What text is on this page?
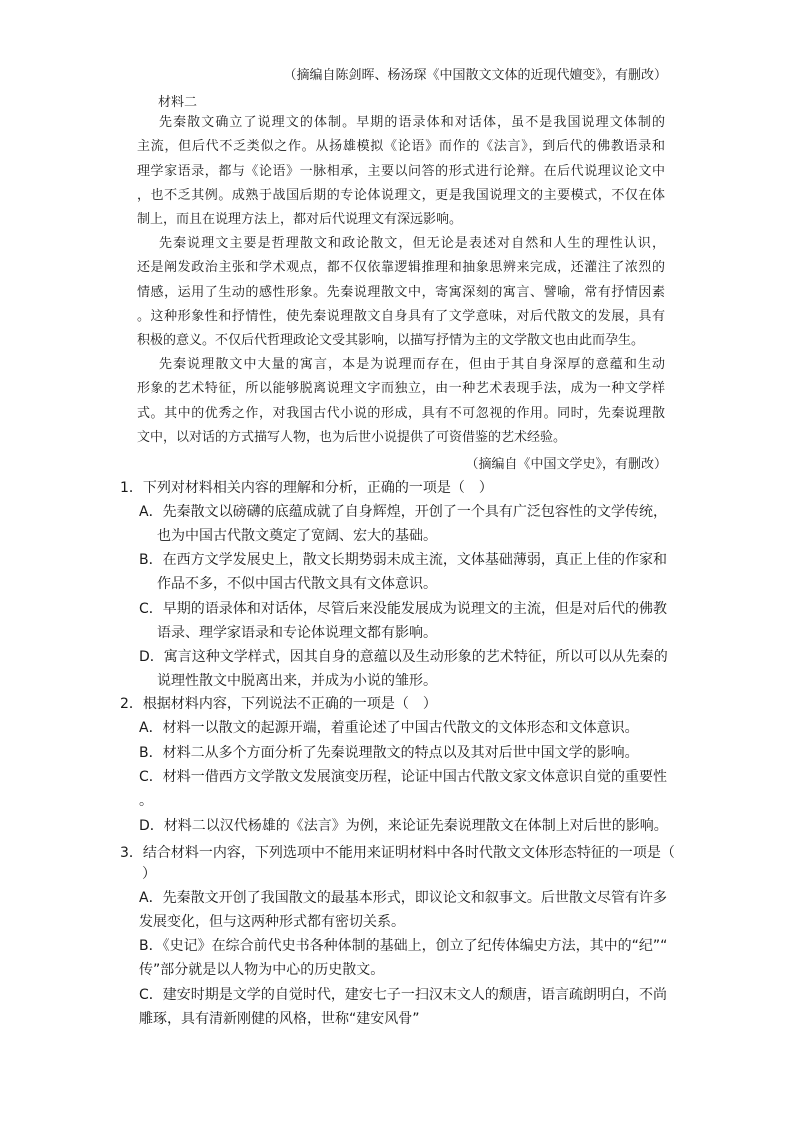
（摘编自陈剑晖、杨汤琛《中国散文文体的近现代嬗变》，有删改）
材料二
先秦散文确立了说理文的体制。早期的语录体和对话体，虽不是我国说理文体制的
主流，但后代不乏类似之作。从扬雄模拟《论语》而作的《法言》，到后代的佛教语录和
理学家语录，都与《论语》一脉相承，主要以问答的形式进行论辩。在后代说理议论文中
，也不乏其例。成熟于战国后期的专论体说理文，更是我国说理文的主要模式，不仅在体
制上，而且在说理方法上，都对后代说理文有深远影响。
先秦说理文主要是哲理散文和政论散文，但无论是表述对自然和人生的理性认识，
还是阐发政治主张和学术观点，都不仅依靠逻辑推理和抽象思辨来完成，还灌注了浓烈的
情感，运用了生动的感性形象。先秦说理散文中，寄寓深刻的寓言、譬喻，常有抒情因素
。这种形象性和抒情性，使先秦说理散文自身具有了文学意味，对后代散文的发展，具有
积极的意义。不仅后代哲理政论文受其影响，以描写抒情为主的文学散文也由此而孕生。
先秦说理散文中大量的寓言，本是为说理而存在，但由于其自身深厚的意蕴和生动
形象的艺术特征，所以能够脱离说理文字而独立，由一种艺术表现手法，成为一种文学样
式。其中的优秀之作，对我国古代小说的形成，具有不可忽视的作用。同时，先秦说理散
文中，以对话的方式描写人物，也为后世小说提供了可资借鉴的艺术经验。
（摘编自《中国文学史》，有删改）
1．下列对材料相关内容的理解和分析，正确的一项是（　）
A．先秦散文以磅礴的底蕴成就了自身辉煌，开创了一个具有广泛包容性的文学传统，
也为中国古代散文奠定了宽阔、宏大的基础。
B．在西方文学发展史上，散文长期势弱未成主流，文体基础薄弱，真正上佳的作家和
作品不多，不似中国古代散文具有文体意识。
C．早期的语录体和对话体，尽管后来没能发展成为说理文的主流，但是对后代的佛教
语录、理学家语录和专论体说理文都有影响。
D．寓言这种文学样式，因其自身的意蕴以及生动形象的艺术特征，所以可以从先秦的
说理性散文中脱离出来，并成为小说的雏形。
2．根据材料内容，下列说法不正确的一项是（　）
A．材料一以散文的起源开端，着重论述了中国古代散文的文体形态和文体意识。
B．材料二从多个方面分析了先秦说理散文的特点以及其对后世中国文学的影响。
C．材料一借西方文学散文发展演变历程，论证中国古代散文家文体意识自觉的重要性
。
D．材料二以汉代杨雄的《法言》为例，来论证先秦说理散文在体制上对后世的影响。
3．结合材料一内容，下列选项中不能用来证明材料中各时代散文文体形态特征的一项是（
　）
A．先秦散文开创了我国散文的最基本形式，即议论文和叙事文。后世散文尽管有许多
发展变化，但与这两种形式都有密切关系。
B．《史记》在综合前代史书各种体制的基础上，创立了纪传体编史方法，其中的“纪”“
传”部分就是以人物为中心的历史散文。
C．建安时期是文学的自觉时代，建安七子一扫汉末文人的颓唐，语言疏朗明白，不尚
雕琢，具有清新刚健的风格，世称“建安风骨”
